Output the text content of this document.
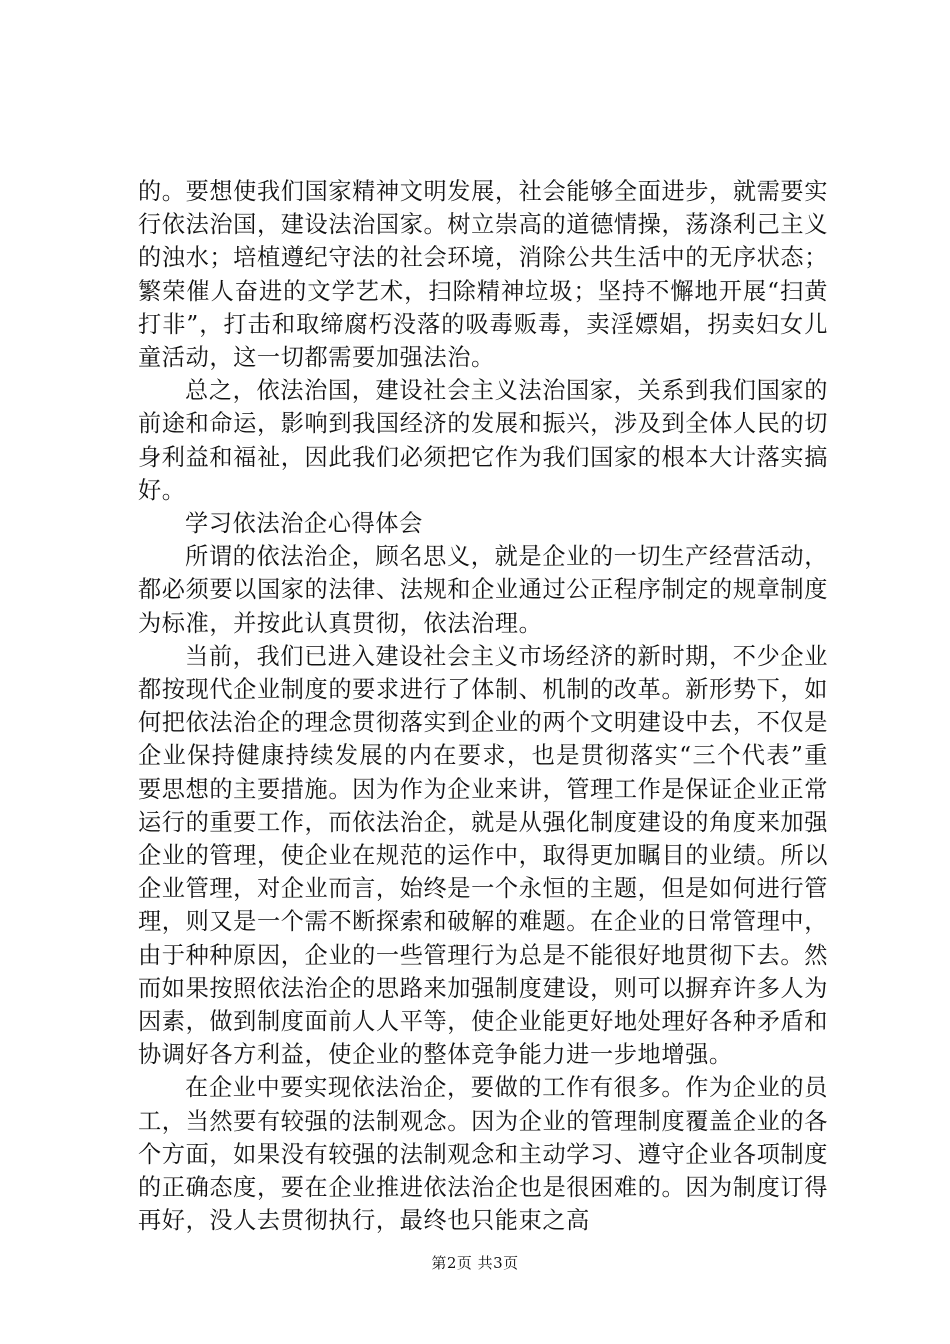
的。要想使我们国家精神文明发展，社会能够全面进步，就需要实行依法治国，建设法治国家。树立崇高的道德情操，荡涤利己主义的浊水；培植遵纪守法的社会环境，消除公共生活中的无序状态；繁荣催人奋进的文学艺术，扫除精神垃圾；坚持不懈地开展“扫黄打非”，打击和取缔腐朽没落的吸毒贩毒，卖淫嫖娼，拐卖妇女儿童活动，这一切都需要加强法治。

总之，依法治国，建设社会主义法治国家，关系到我们国家的前途和命运，影响到我国经济的发展和振兴，涉及到全体人民的切身利益和福祉，因此我们必须把它作为我们国家的根本大计落实搞好。

学习依法治企心得体会

所谓的依法治企，顾名思义，就是企业的一切生产经营活动，都必须要以国家的法律、法规和企业通过公正程序制定的规章制度为标准，并按此认真贯彻，依法治理。

当前，我们已进入建设社会主义市场经济的新时期，不少企业都按现代企业制度的要求进行了体制、机制的改革。新形势下，如何把依法治企的理念贯彻落实到企业的两个文明建设中去，不仅是企业保持健康持续发展的内在要求，也是贯彻落实“三个代表”重要思想的主要措施。因为作为企业来讲，管理工作是保证企业正常运行的重要工作，而依法治企，就是从强化制度建设的角度来加强企业的管理，使企业在规范的运作中，取得更加瞩目的业绩。所以企业管理，对企业而言，始终是一个永恒的主题，但是如何进行管理，则又是一个需不断探索和破解的难题。在企业的日常管理中，由于种种原因，企业的一些管理行为总是不能很好地贯彻下去。然而如果按照依法治企的思路来加强制度建设，则可以摒弃许多人为因素，做到制度面前人人平等，使企业能更好地处理好各种矛盾和协调好各方利益，使企业的整体竞争能力进一步地增强。

在企业中要实现依法治企，要做的工作有很多。作为企业的员工，当然要有较强的法制观念。因为企业的管理制度覆盖企业的各个方面，如果没有较强的法制观念和主动学习、遵守企业各项制度的正确态度，要在企业推进依法治企也是很困难的。因为制度订得再好，没人去贯彻执行，最终也只能束之高

第2页 共3页
